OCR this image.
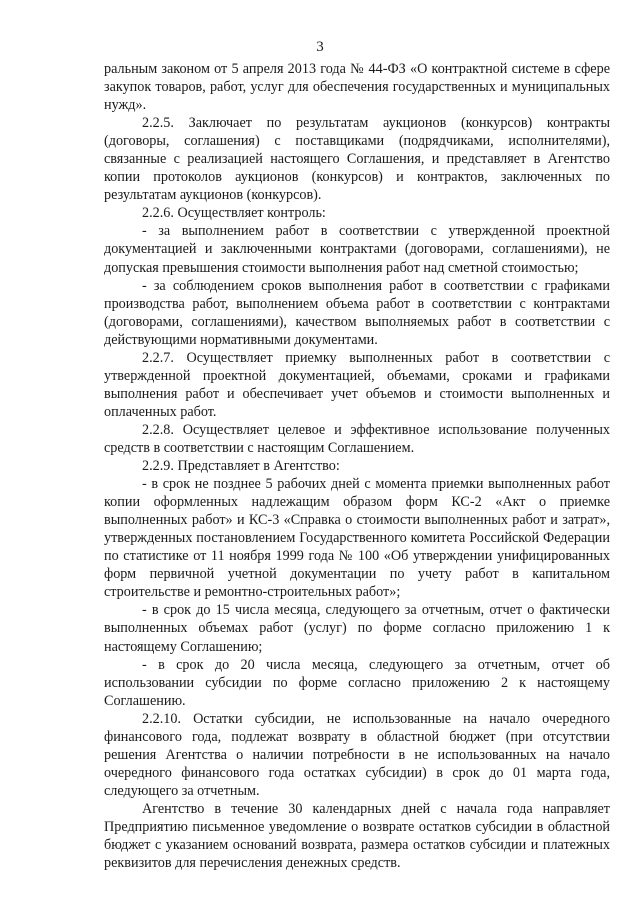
3

ральным законом от 5 апреля 2013 года № 44-ФЗ «О контрактной системе в сфере закупок товаров, работ, услуг для обеспечения государственных и муниципальных нужд».

2.2.5. Заключает по результатам аукционов (конкурсов) контракты (договоры, соглашения) с поставщиками (подрядчиками, исполнителями), связанные с реализацией настоящего Соглашения, и представляет в Агентство копии протоколов аукционов (конкурсов) и контрактов, заключенных по результатам аукционов (конкурсов).

2.2.6. Осуществляет контроль:

- за выполнением работ в соответствии с утвержденной проектной документацией и заключенными контрактами (договорами, соглашениями), не допуская превышения стоимости выполнения работ над сметной стоимостью;

- за соблюдением сроков выполнения работ в соответствии с графиками производства работ, выполнением объема работ в соответствии с контрактами (договорами, соглашениями), качеством выполняемых работ в соответствии с действующими нормативными документами.

2.2.7. Осуществляет приемку выполненных работ в соответствии с утвержденной проектной документацией, объемами, сроками и графиками выполнения работ и обеспечивает учет объемов и стоимости выполненных и оплаченных работ.

2.2.8. Осуществляет целевое и эффективное использование полученных средств в соответствии с настоящим Соглашением.

2.2.9. Представляет в Агентство:

- в срок не позднее 5 рабочих дней с момента приемки выполненных работ копии оформленных надлежащим образом форм КС-2 «Акт о приемке выполненных работ» и КС-3 «Справка о стоимости выполненных работ и затрат», утвержденных постановлением Государственного комитета Российской Федерации по статистике от 11 ноября 1999 года № 100 «Об утверждении унифицированных форм первичной учетной документации по учету работ в капитальном строительстве и ремонтно-строительных работ»;

- в срок до 15 числа месяца, следующего за отчетным, отчет о фактически выполненных объемах работ (услуг) по форме согласно приложению 1 к настоящему Соглашению;

- в срок до 20 числа месяца, следующего за отчетным, отчет об использовании субсидии по форме согласно приложению 2 к настоящему Соглашению.

2.2.10. Остатки субсидии, не использованные на начало очередного финансового года, подлежат возврату в областной бюджет (при отсутствии решения Агентства о наличии потребности в не использованных на начало очередного финансового года остатках субсидии) в срок до 01 марта года, следующего за отчетным.

Агентство в течение 30 календарных дней с начала года направляет Предприятию письменное уведомление о возврате остатков субсидии в областной бюджет с указанием оснований возврата, размера остатков субсидии и платежных реквизитов для перечисления денежных средств.
